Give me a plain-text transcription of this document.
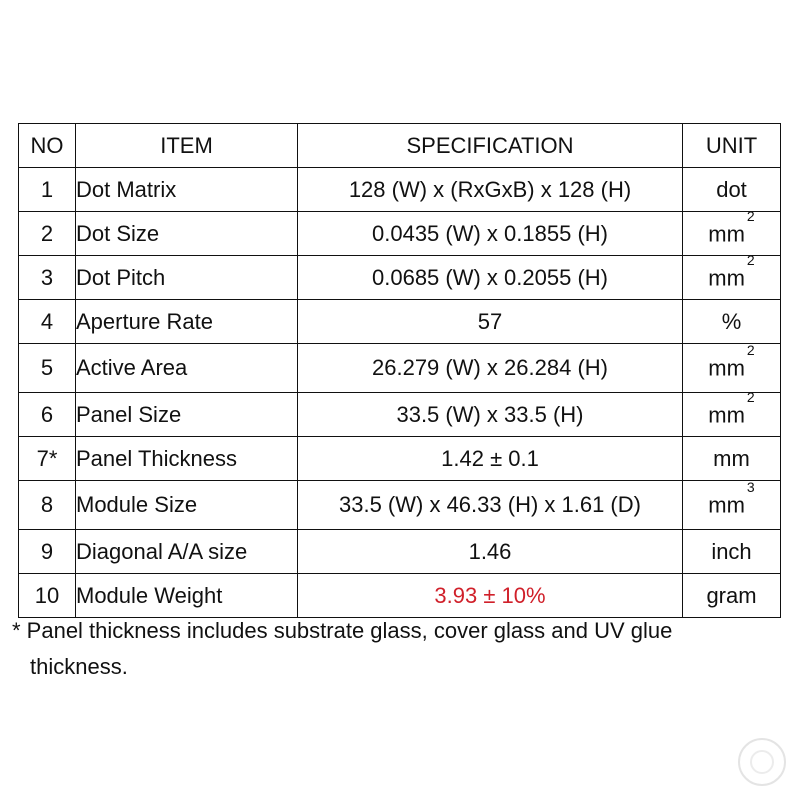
NO	ITEM	SPECIFICATION	UNIT
1	Dot Matrix	128 (W) x (RxGxB) x 128 (H)	dot
2	Dot Size	0.0435 (W) x 0.1855 (H)	$mm^2$
3	Dot Pitch	0.0685 (W) x 0.2055 (H)	$mm^2$
4	Aperture Rate	57	%
5	Active Area	26.279 (W) x 26.284 (H)	$mm^2$
6	Panel Size	33.5 (W) x 33.5 (H)	$mm^2$
7*	Panel Thickness	1.42 ± 0.1	mm
8	Module Size	33.5 (W) x 46.33 (H) x 1.61 (D)	$mm^3$
9	Diagonal A/A size	1.46	inch
10	Module Weight	3.93 ± 10%	gram
* Panel thickness includes substrate glass, cover glass and UV glue
thickness.
